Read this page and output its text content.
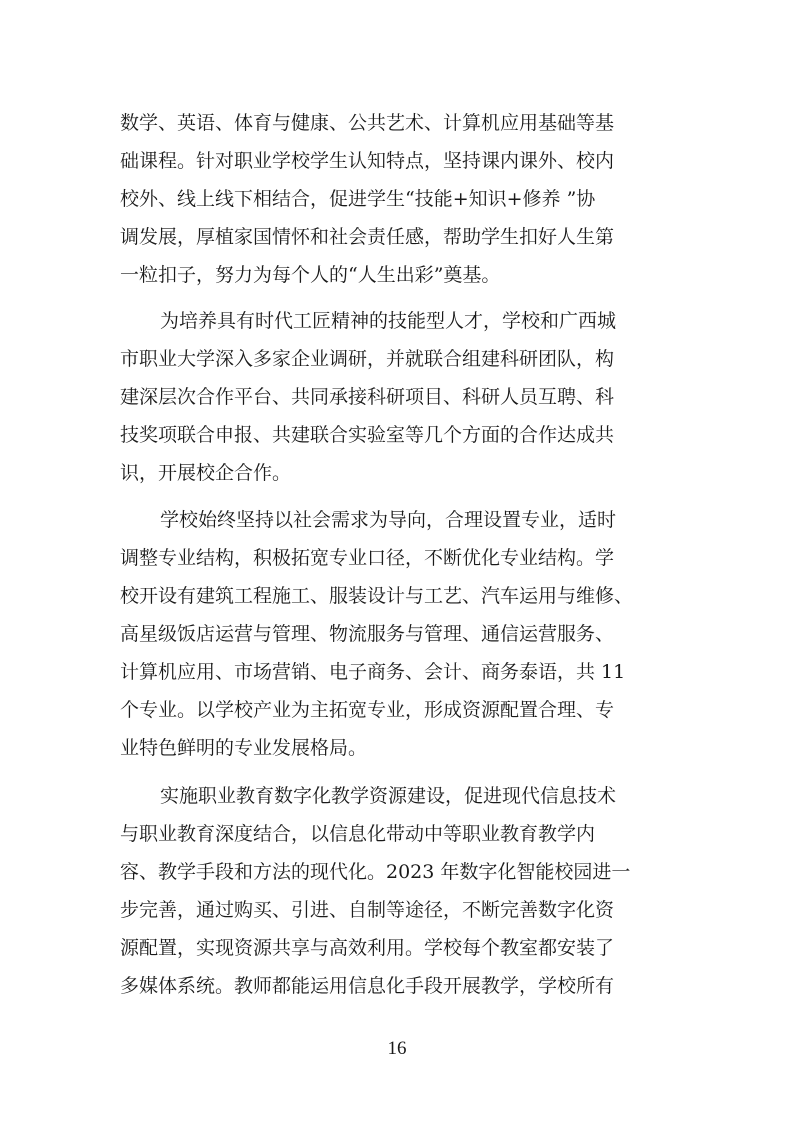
数学、英语、体育与健康、公共艺术、计算机应用基础等基
础课程。针对职业学校学生认知特点，坚持课内课外、校内
校外、线上线下相结合，促进学生“技能+知识+修养 ”协
调发展，厚植家国情怀和社会责任感，帮助学生扣好人生第
一粒扣子，努力为每个人的“人生出彩”奠基。
为培养具有时代工匠精神的技能型人才，学校和广西城
市职业大学深入多家企业调研，并就联合组建科研团队，构
建深层次合作平台、共同承接科研项目、科研人员互聘、科
技奖项联合申报、共建联合实验室等几个方面的合作达成共
识，开展校企合作。
学校始终坚持以社会需求为导向，合理设置专业，适时
调整专业结构，积极拓宽专业口径，不断优化专业结构。学
校开设有建筑工程施工、服装设计与工艺、汽车运用与维修、
高星级饭店运营与管理、物流服务与管理、通信运营服务、
计算机应用、市场营销、电子商务、会计、商务泰语，共 11
个专业。以学校产业为主拓宽专业，形成资源配置合理、专
业特色鲜明的专业发展格局。
实施职业教育数字化教学资源建设，促进现代信息技术
与职业教育深度结合，以信息化带动中等职业教育教学内
容、教学手段和方法的现代化。2023 年数字化智能校园进一
步完善，通过购买、引进、自制等途径，不断完善数字化资
源配置，实现资源共享与高效利用。学校每个教室都安装了
多媒体系统。教师都能运用信息化手段开展教学，学校所有
16
